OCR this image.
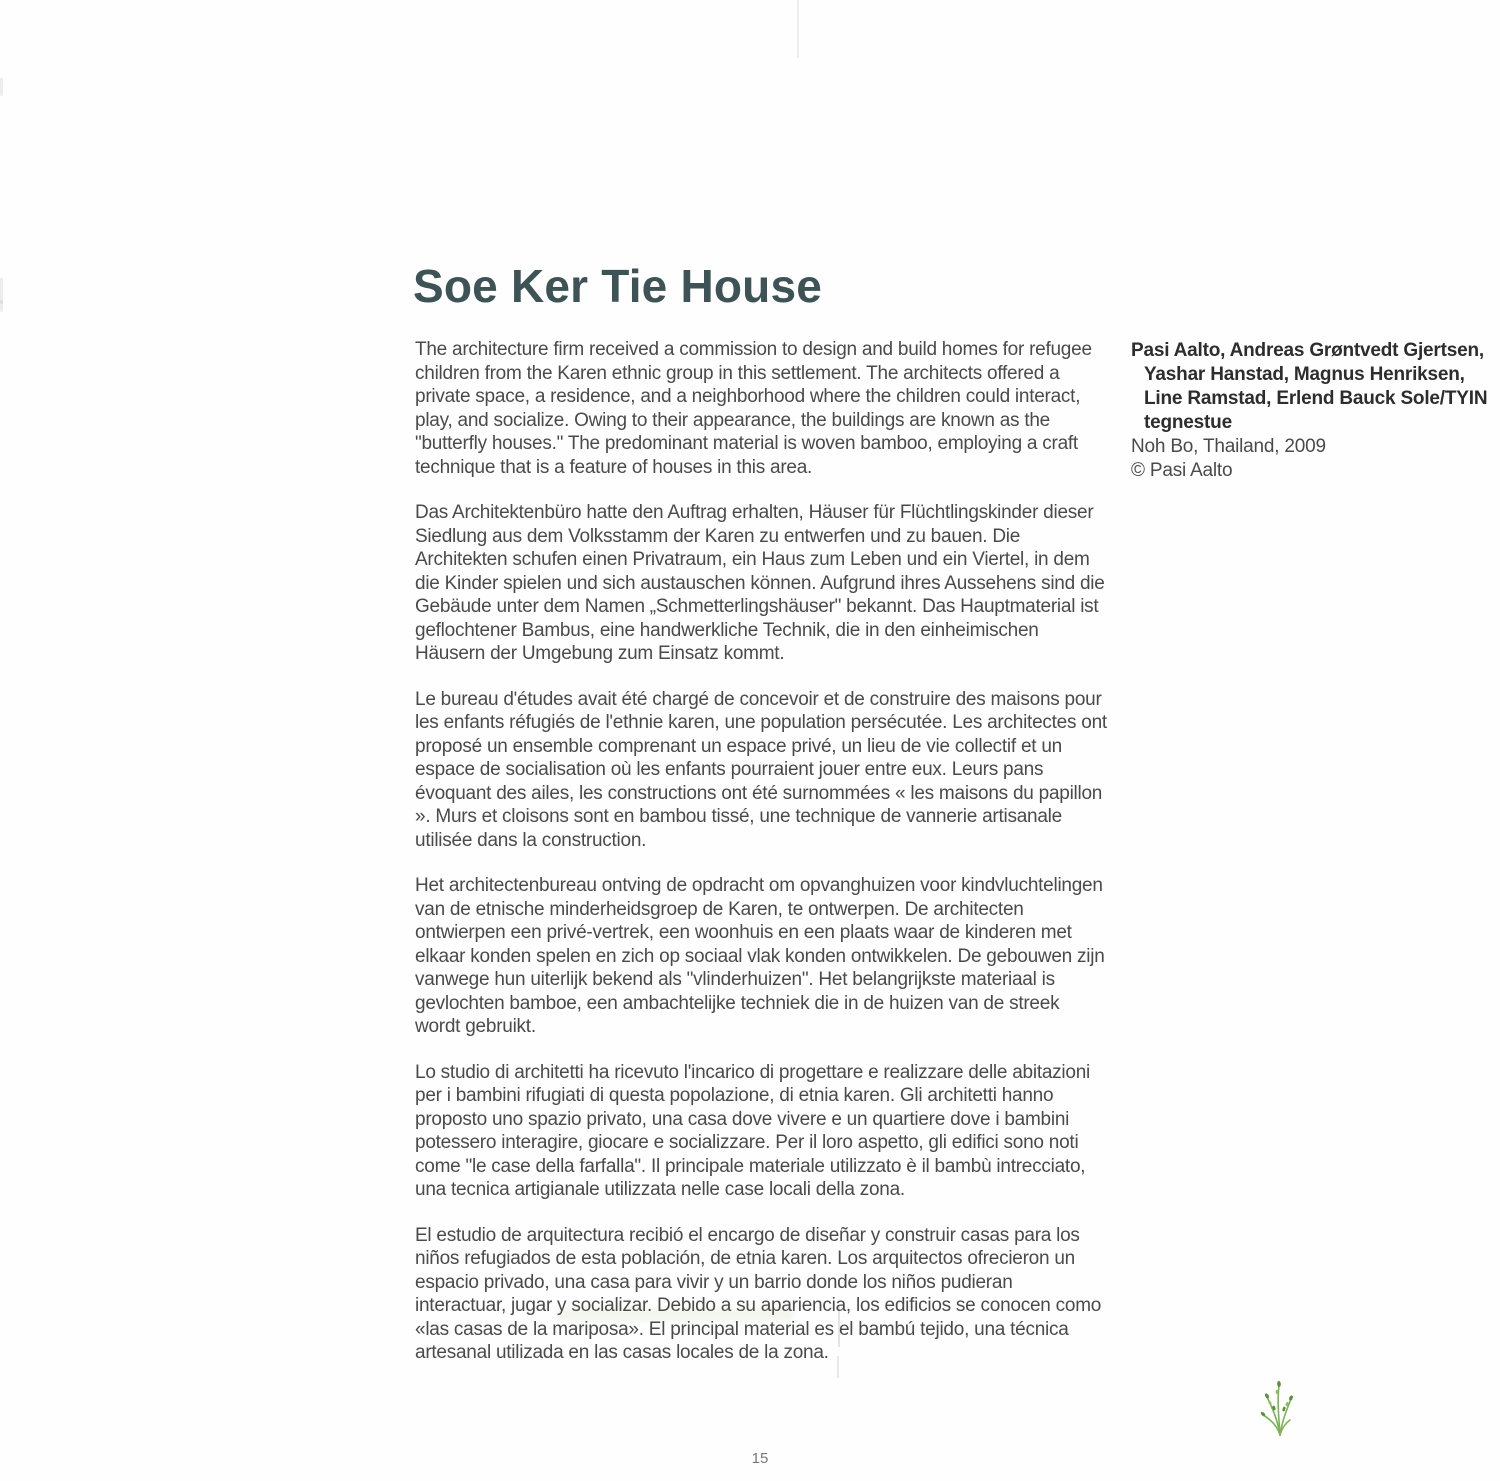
Soe Ker Tie House

The architecture firm received a commission to design and build homes for refugee children from the Karen ethnic group in this settlement. The architects offered a private space, a residence, and a neighborhood where the children could interact, play, and socialize. Owing to their appearance, the buildings are known as the "butterfly houses." The predominant material is woven bamboo, employing a craft technique that is a feature of houses in this area.

Das Architektenbüro hatte den Auftrag erhalten, Häuser für Flüchtlingskinder dieser Siedlung aus dem Volksstamm der Karen zu entwerfen und zu bauen. Die Architekten schufen einen Privatraum, ein Haus zum Leben und ein Viertel, in dem die Kinder spielen und sich austauschen können. Aufgrund ihres Aussehens sind die Gebäude unter dem Namen „Schmetterlingshäuser" bekannt. Das Hauptmaterial ist geflochtener Bambus, eine handwerkliche Technik, die in den einheimischen Häusern der Umgebung zum Einsatz kommt.

Le bureau d'études avait été chargé de concevoir et de construire des maisons pour les enfants réfugiés de l'ethnie karen, une population persécutée. Les architectes ont proposé un ensemble comprenant un espace privé, un lieu de vie collectif et un espace de socialisation où les enfants pourraient jouer entre eux. Leurs pans évoquant des ailes, les constructions ont été surnommées « les maisons du papillon ». Murs et cloisons sont en bambou tissé, une technique de vannerie artisanale utilisée dans la construction.

Het architectenbureau ontving de opdracht om opvanghuizen voor kindvluchtelingen van de etnische minderheidsgroep de Karen, te ontwerpen. De architecten ontwierpen een privé-vertrek, een woonhuis en een plaats waar de kinderen met elkaar konden spelen en zich op sociaal vlak konden ontwikkelen. De gebouwen zijn vanwege hun uiterlijk bekend als "vlinderhuizen". Het belangrijkste materiaal is gevlochten bamboe, een ambachtelijke techniek die in de huizen van de streek wordt gebruikt.

Lo studio di architetti ha ricevuto l'incarico di progettare e realizzare delle abitazioni per i bambini rifugiati di questa popolazione, di etnia karen. Gli architetti hanno proposto uno spazio privato, una casa dove vivere e un quartiere dove i bambini potessero interagire, giocare e socializzare. Per il loro aspetto, gli edifici sono noti come "le case della farfalla". Il principale materiale utilizzato è il bambù intrecciato, una tecnica artigianale utilizzata nelle case locali della zona.

El estudio de arquitectura recibió el encargo de diseñar y construir casas para los niños refugiados de esta población, de etnia karen. Los arquitectos ofrecieron un espacio privado, una casa para vivir y un barrio donde los niños pudieran interactuar, jugar y socializar. Debido a su apariencia, los edificios se conocen como «las casas de la mariposa». El principal material es el bambú tejido, una técnica artesanal utilizada en las casas locales de la zona.

Pasi Aalto, Andreas Grøntvedt Gjertsen,
Yashar Hanstad, Magnus Henriksen,
Line Ramstad, Erlend Bauck Sole/TYIN
tegnestue
Noh Bo, Thailand, 2009
© Pasi Aalto
15
